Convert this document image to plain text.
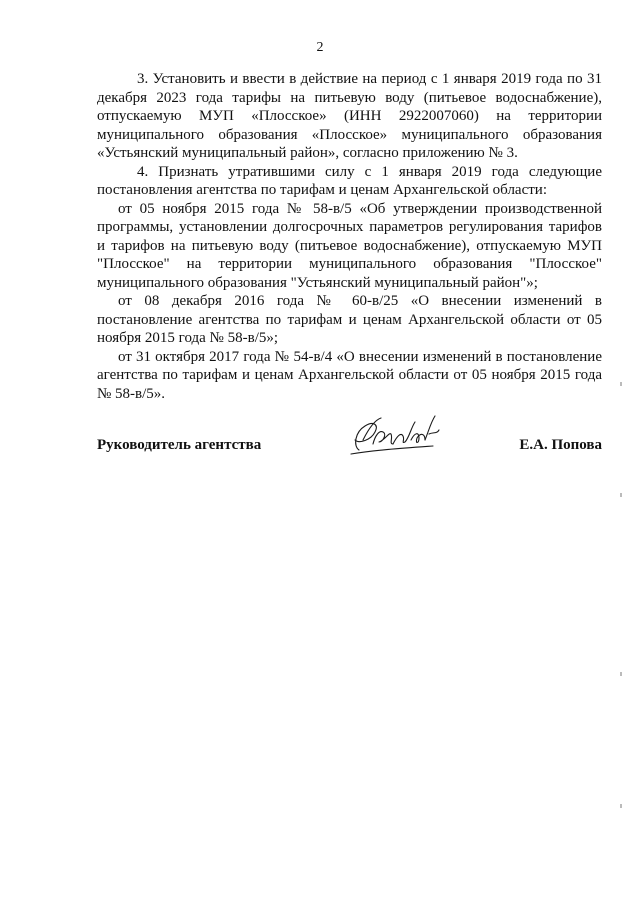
2

3. Установить и ввести в действие на период с 1 января 2019 года по 31 декабря 2023 года тарифы на питьевую воду (питьевое водоснабжение), отпускаемую МУП «Плосское» (ИНН 2922007060) на территории муниципального образования «Плосское» муниципального образования «Устьянский муниципальный район», согласно приложению № 3.

4. Признать утратившими силу с 1 января 2019 года следующие постановления агентства по тарифам и ценам Архангельской области:

от 05 ноября 2015 года № 58-в/5 «Об утверждении производственной программы, установлении долгосрочных параметров регулирования тарифов и тарифов на питьевую воду (питьевое водоснабжение), отпускаемую МУП "Плосское" на территории муниципального образования "Плосское" муниципального образования "Устьянский муниципальный район"»;

от 08 декабря 2016 года № 60-в/25 «О внесении изменений в постановление агентства по тарифам и ценам Архангельской области от 05 ноября 2015 года № 58-в/5»;

от 31 октября 2017 года № 54-в/4 «О внесении изменений в постановление агентства по тарифам и ценам Архангельской области от 05 ноября 2015 года № 58-в/5».

Руководитель агентства	Е.А. Попова
